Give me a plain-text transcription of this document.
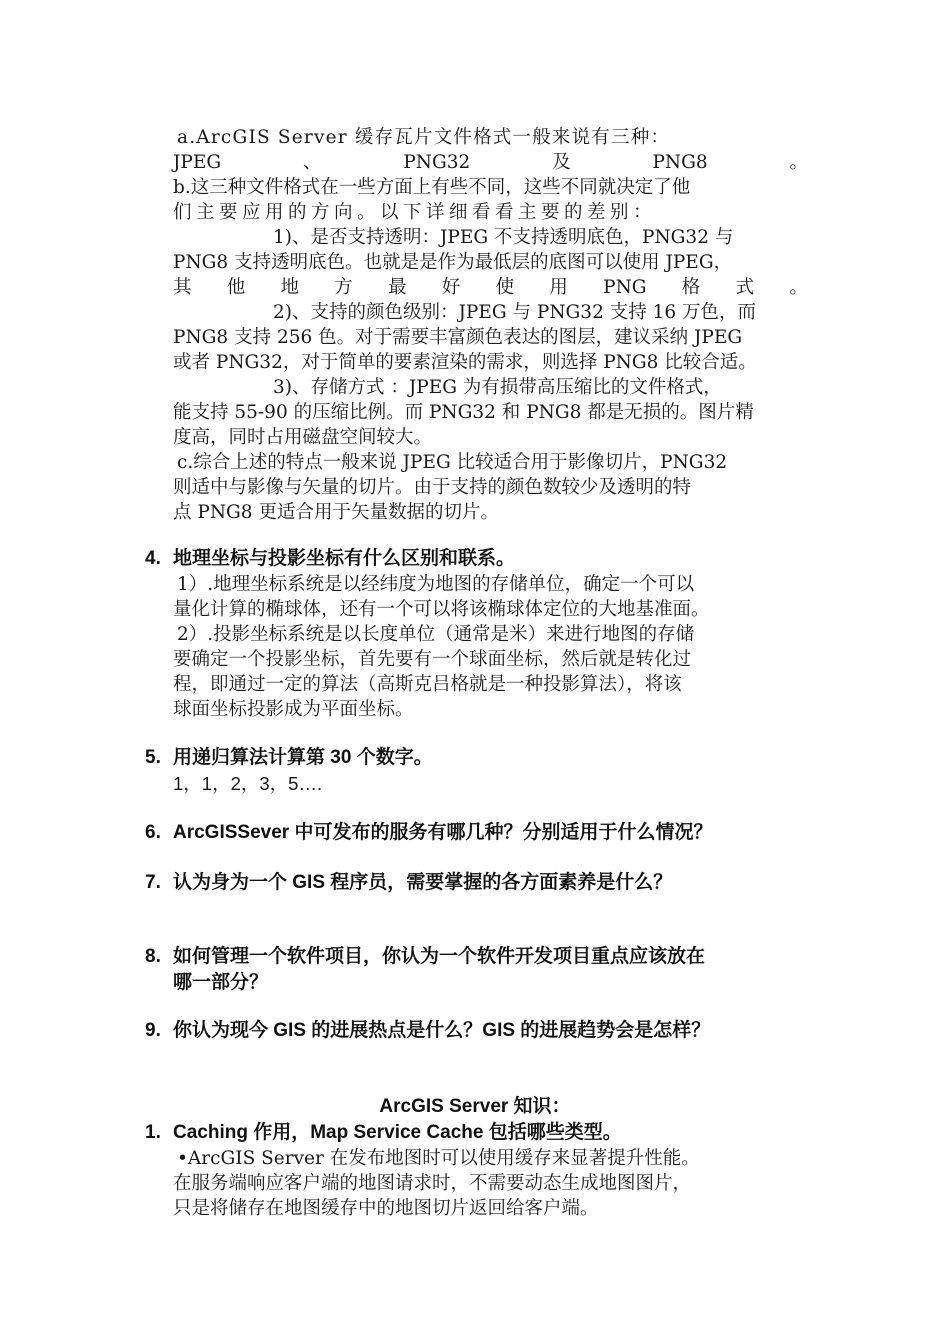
a.ArcGIS Server 缓存瓦片文件格式一般来说有三种：
JPEG	、	PNG32	及	PNG8	。
b.这三种文件格式在一些方面上有些不同，这些不同就决定了他
们主要应用的方向。以下详细看看主要的差别：
1)、是否支持透明：JPEG 不支持透明底色，PNG32 与
PNG8 支持透明底色。也就是是作为最低层的底图可以使用 JPEG，
其 他 地 方 最 好 使 用 PNG 格 式 。
2)、支持的颜色级别：JPEG 与 PNG32 支持 16 万色，而
PNG8 支持 256 色。对于需要丰富颜色表达的图层，建议采纳 JPEG
或者 PNG32，对于简单的要素渲染的需求，则选择 PNG8 比较合适。
3)、存储方式 ：JPEG 为有损带高压缩比的文件格式，
能支持 55-90 的压缩比例。而 PNG32 和 PNG8 都是无损的。图片精
度高，同时占用磁盘空间较大。
c.综合上述的特点一般来说 JPEG 比较适合用于影像切片，PNG32
则适中与影像与矢量的切片。由于支持的颜色数较少及透明的特
点 PNG8 更适合用于矢量数据的切片。
4. 地理坐标与投影坐标有什么区别和联系。
1）.地理坐标系统是以经纬度为地图的存储单位，确定一个可以
量化计算的椭球体，还有一个可以将该椭球体定位的大地基准面。
2）.投影坐标系统是以长度单位（通常是米）来进行地图的存储
要确定一个投影坐标，首先要有一个球面坐标，然后就是转化过
程，即通过一定的算法（高斯克吕格就是一种投影算法），将该
球面坐标投影成为平面坐标。
5. 用递归算法计算第 30 个数字。
1，1，2，3，5….
6. ArcGISSever 中可发布的服务有哪几种？分别适用于什么情况？
7. 认为身为一个 GIS 程序员，需要掌握的各方面素养是什么？
8. 如何管理一个软件项目，你认为一个软件开发项目重点应该放在
哪一部分？
9. 你认为现今 GIS 的进展热点是什么？GIS 的进展趋势会是怎样？
ArcGIS Server 知识：
1. Caching 作用，Map Service Cache 包括哪些类型。
•ArcGIS Server 在发布地图时可以使用缓存来显著提升性能。
在服务端响应客户端的地图请求时，不需要动态生成地图图片，
只是将储存在地图缓存中的地图切片返回给客户端。
